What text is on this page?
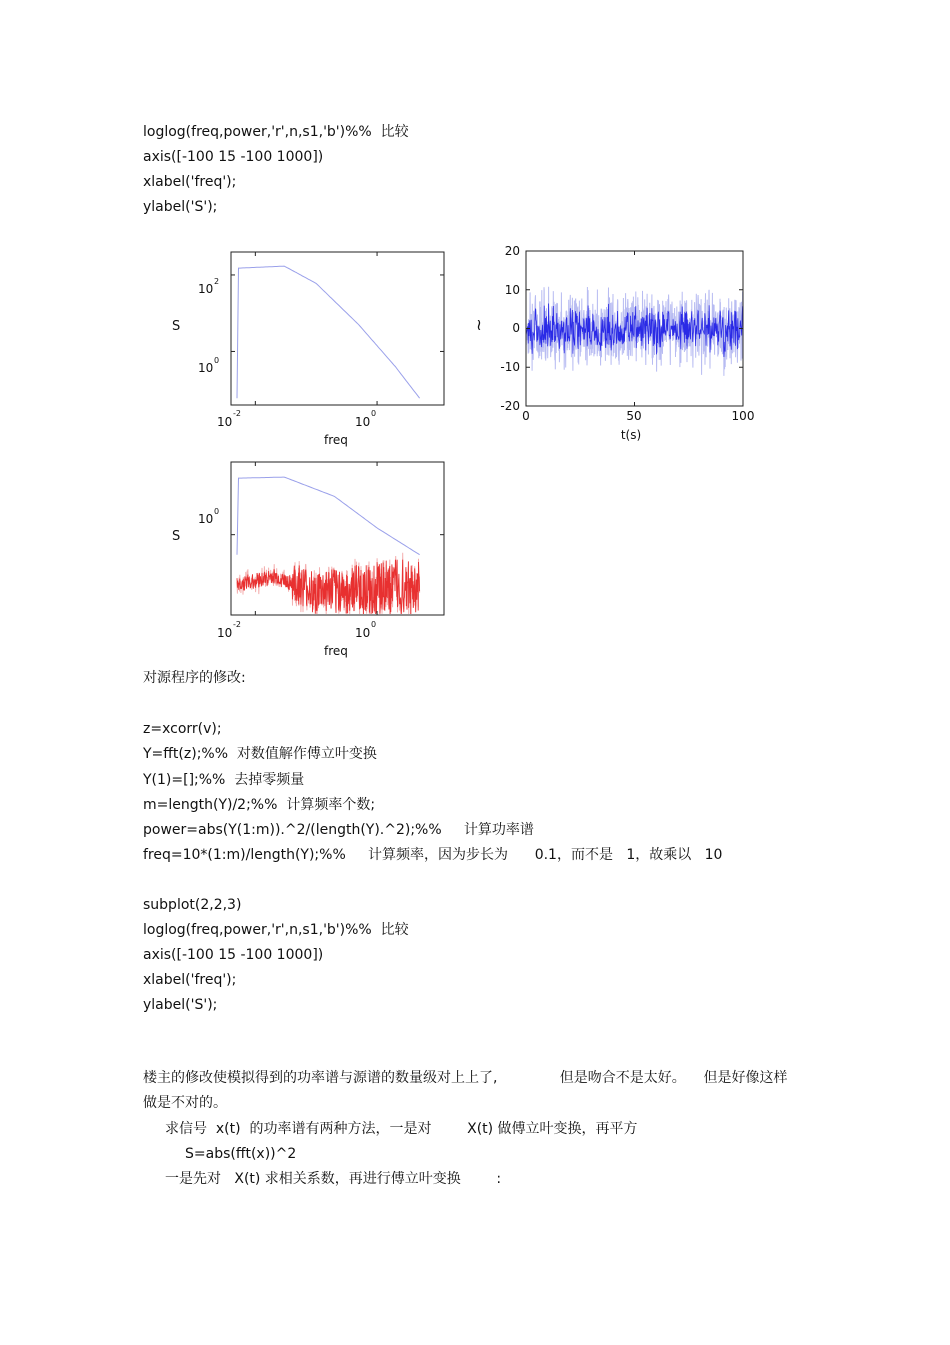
loglog(freq,power,'r',n,s1,'b')%%  比较
axis([-100 15 -100 1000])
xlabel('freq');
ylabel('S');
10
2
10
0
10
-2
10
0
S
freq
20
10
0
-10
-20
0	50	100
≀
t(s)
10
0
10
-2
10
0
S
freq
对源程序的修改:
z=xcorr(v);
Y=fft(z);%%  对数值解作傅立叶变换
Y(1)=[];%%  去掉零频量
m=length(Y)/2;%%  计算频率个数;
power=abs(Y(1:m)).^2/(length(Y).^2);%%     计算功率谱
freq=10*(1:m)/length(Y);%%     计算频率，因为步长为      0.1，而不是   1，故乘以   10
subplot(2,2,3)
loglog(freq,power,'r',n,s1,'b')%%  比较
axis([-100 15 -100 1000])
xlabel('freq');
ylabel('S');
楼主的修改使模拟得到的功率谱与源谱的数量级对上上了,              但是吻合不是太好。    但是好像这样
做是不对的。
求信号  x(t)  的功率谱有两种方法，一是对        X(t) 做傅立叶变换，再平方
S=abs(fft(x))^2
一是先对   X(t) 求相关系数，再进行傅立叶变换        :
